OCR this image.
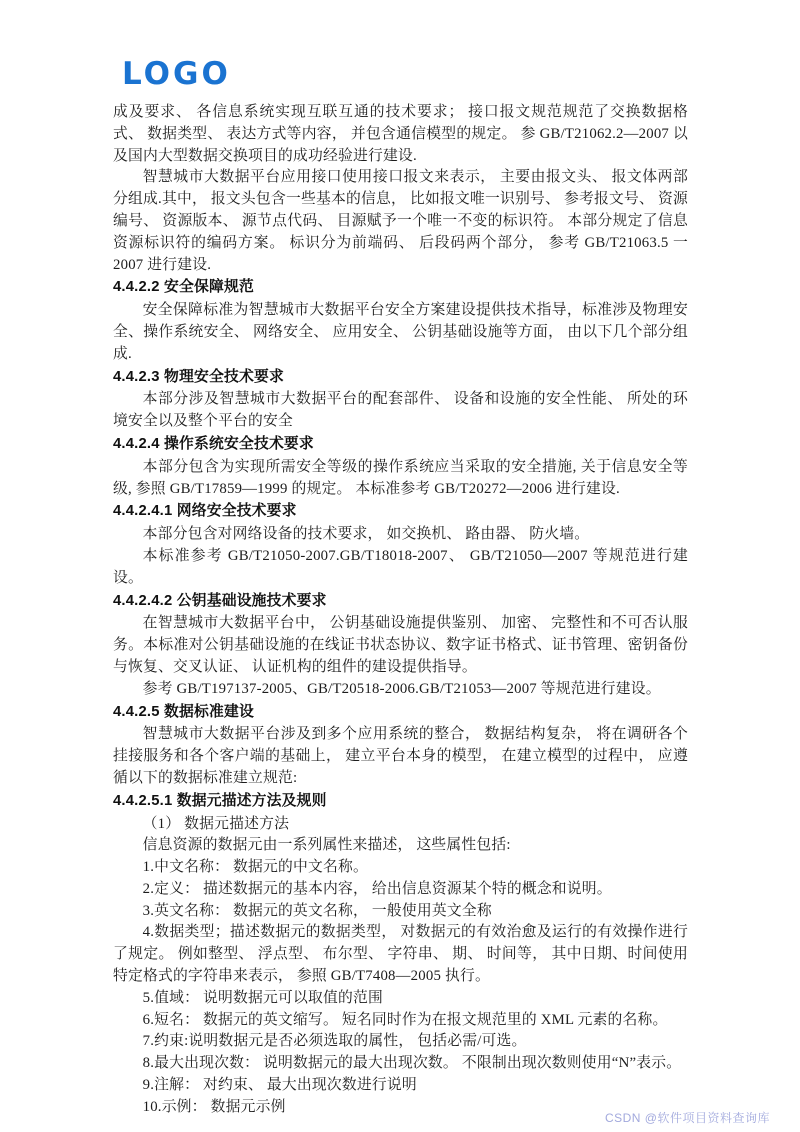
LOGO
成及要求、 各信息系统实现互联互通的技术要求； 接口报文规范规范了交换数据格式、 数据类型、 表达方式等内容， 并包含通信模型的规定。 参 GB/T21062.2—2007 以及国内大型数据交换项目的成功经验进行建设.
智慧城市大数据平台应用接口使用接口报文来表示， 主要由报文头、 报文体两部分组成.其中， 报文头包含一些基本的信息， 比如报文唯一识别号、 参考报文号、 资源编号、 资源版本、 源节点代码、 目源赋予一个唯一不变的标识符。 本部分规定了信息资源标识符的编码方案。 标识分为前端码、 后段码两个部分， 参考 GB/T21063.5 一 2007 进行建设.
4.4.2.2 安全保障规范
安全保障标准为智慧城市大数据平台安全方案建设提供技术指导，标准涉及物理安全、操作系统安全、 网络安全、 应用安全、 公钥基础设施等方面， 由以下几个部分组成.
4.4.2.3 物理安全技术要求
本部分涉及智慧城市大数据平台的配套部件、 设备和设施的安全性能、 所处的环境安全以及整个平台的安全
4.4.2.4 操作系统安全技术要求
本部分包含为实现所需安全等级的操作系统应当采取的安全措施, 关于信息安全等级, 参照 GB/T17859—1999 的规定。 本标准参考 GB/T20272—2006 进行建设.
4.4.2.4.1 网络安全技术要求
本部分包含对网络设备的技术要求， 如交换机、 路由器、 防火墙。
本标准参考 GB/T21050-2007.GB/T18018-2007、 GB/T21050—2007 等规范进行建设。
4.4.2.4.2 公钥基础设施技术要求
在智慧城市大数据平台中， 公钥基础设施提供鉴别、 加密、 完整性和不可否认服务。本标准对公钥基础设施的在线证书状态协议、数字证书格式、证书管理、密钥备份与恢复、交叉认证、 认证机构的组件的建设提供指导。
参考 GB/T197137-2005、GB/T20518-2006.GB/T21053—2007 等规范进行建设。
4.4.2.5 数据标准建设
智慧城市大数据平台涉及到多个应用系统的整合， 数据结构复杂， 将在调研各个挂接服务和各个客户端的基础上， 建立平台本身的模型， 在建立模型的过程中， 应遵循以下的数据标准建立规范:
4.4.2.5.1 数据元描述方法及规则
（1） 数据元描述方法
信息资源的数据元由一系列属性来描述， 这些属性包括:
1.中文名称： 数据元的中文名称。
2.定义： 描述数据元的基本内容， 给出信息资源某个特的概念和说明。
3.英文名称： 数据元的英文名称， 一般使用英文全称
4.数据类型；描述数据元的数据类型， 对数据元的有效治愈及运行的有效操作进行了规定。 例如整型、 浮点型、 布尔型、 字符串、 期、 时间等， 其中日期、时间使用特定格式的字符串来表示， 参照 GB/T7408—2005 执行。
5.值域： 说明数据元可以取值的范围
6.短名： 数据元的英文缩写。 短名同时作为在报文规范里的 XML 元素的名称。
7.约束:说明数据元是否必须选取的属性， 包括必需/可选。
8.最大出现次数： 说明数据元的最大出现次数。 不限制出现次数则使用“N”表示。
9.注解： 对约束、 最大出现次数进行说明
10.示例： 数据元示例
CSDN @软件项目资料查询库
